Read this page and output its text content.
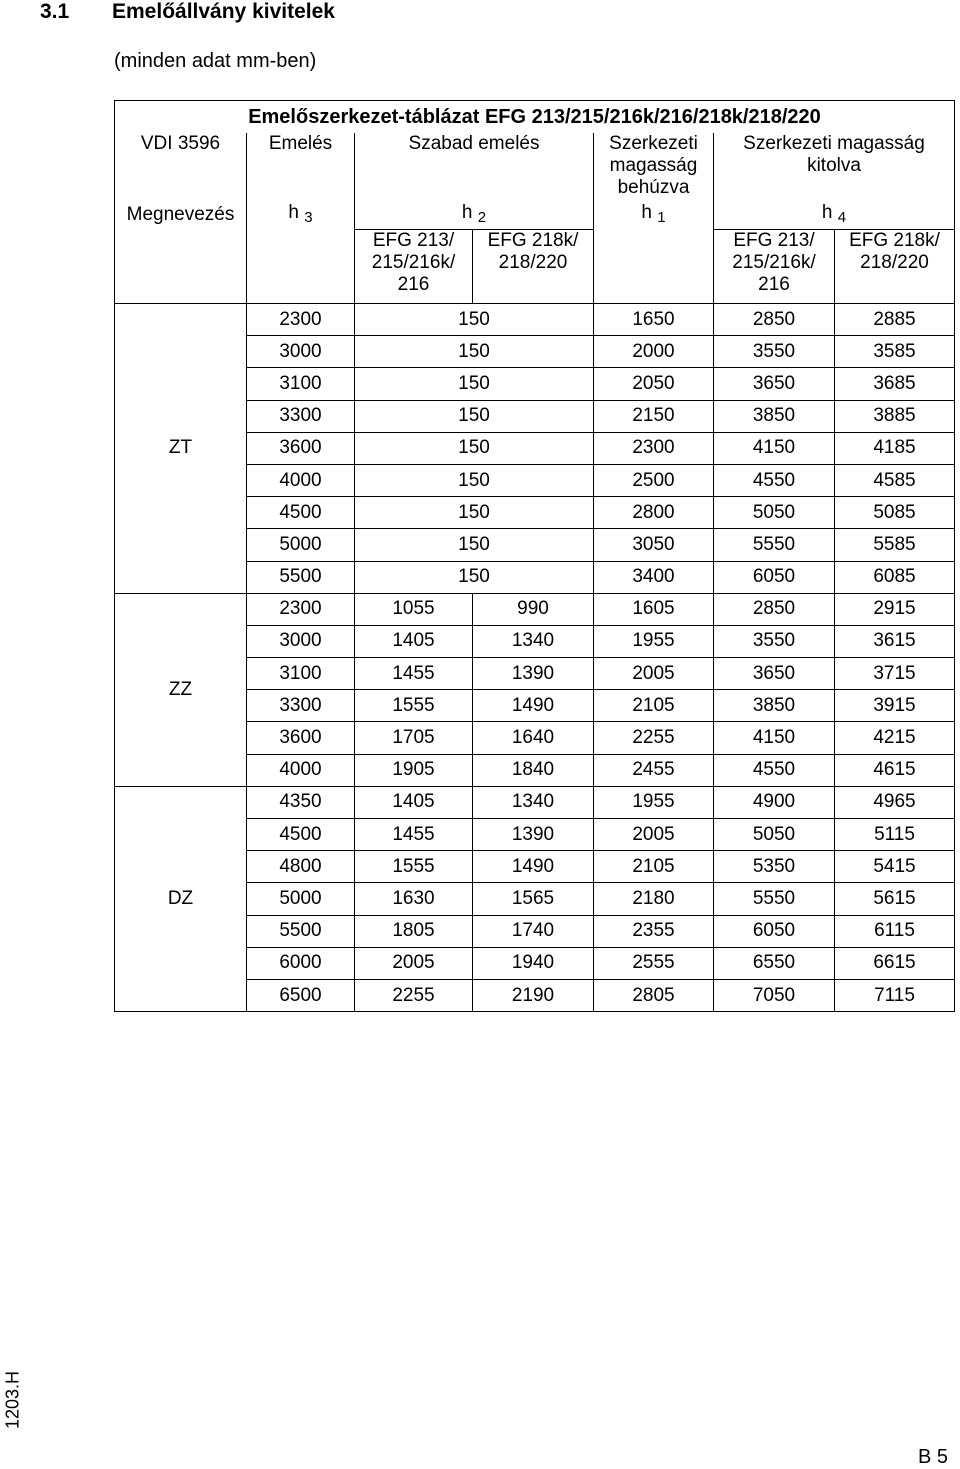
3.1 Emelőállvány kivitelek
(minden adat mm-ben)
Emelőszerkezet-táblázat EFG 213/215/216k/216/218k/218/220						
VDI 3596	Emelés	Szabad emelés		Szerkezeti magasság behúzva	Szerkezeti magasság kitolva	

Megnevezés	h $_3$	h $_2$		h $_1$	h $_4$

		EFG 213/ 215/216k/ 216	EFG 218k/ 218/220		EFG 213/ 215/216k/ 216	EFG 218k/ 218/220

ZT	2300	150		1650	2850	2885
	3000	150		2000	3550	3585
	3100	150		2050	3650	3685
	3300	150		2150	3850	3885
	3600	150		2300	4150	4185
	4000	150		2500	4550	4585
	4500	150		2800	5050	5085
	5000	150		3050	5550	5585
	5500	150		3400	6050	6085
ZZ	2300	1055	990	1605	2850	2915
	3000	1405	1340	1955	3550	3615
	3100	1455	1390	2005	3650	3715
	3300	1555	1490	2105	3850	3915
	3600	1705	1640	2255	4150	4215
	4000	1905	1840	2455	4550	4615
DZ	4350	1405	1340	1955	4900	4965
	4500	1455	1390	2005	5050	5115
	4800	1555	1490	2105	5350	5415
	5000	1630	1565	2180	5550	5615
	5500	1805	1740	2355	6050	6115
	6000	2005	1940	2555	6550	6615
	6500	2255	2190	2805	7050	7115
1203.H
B 5
